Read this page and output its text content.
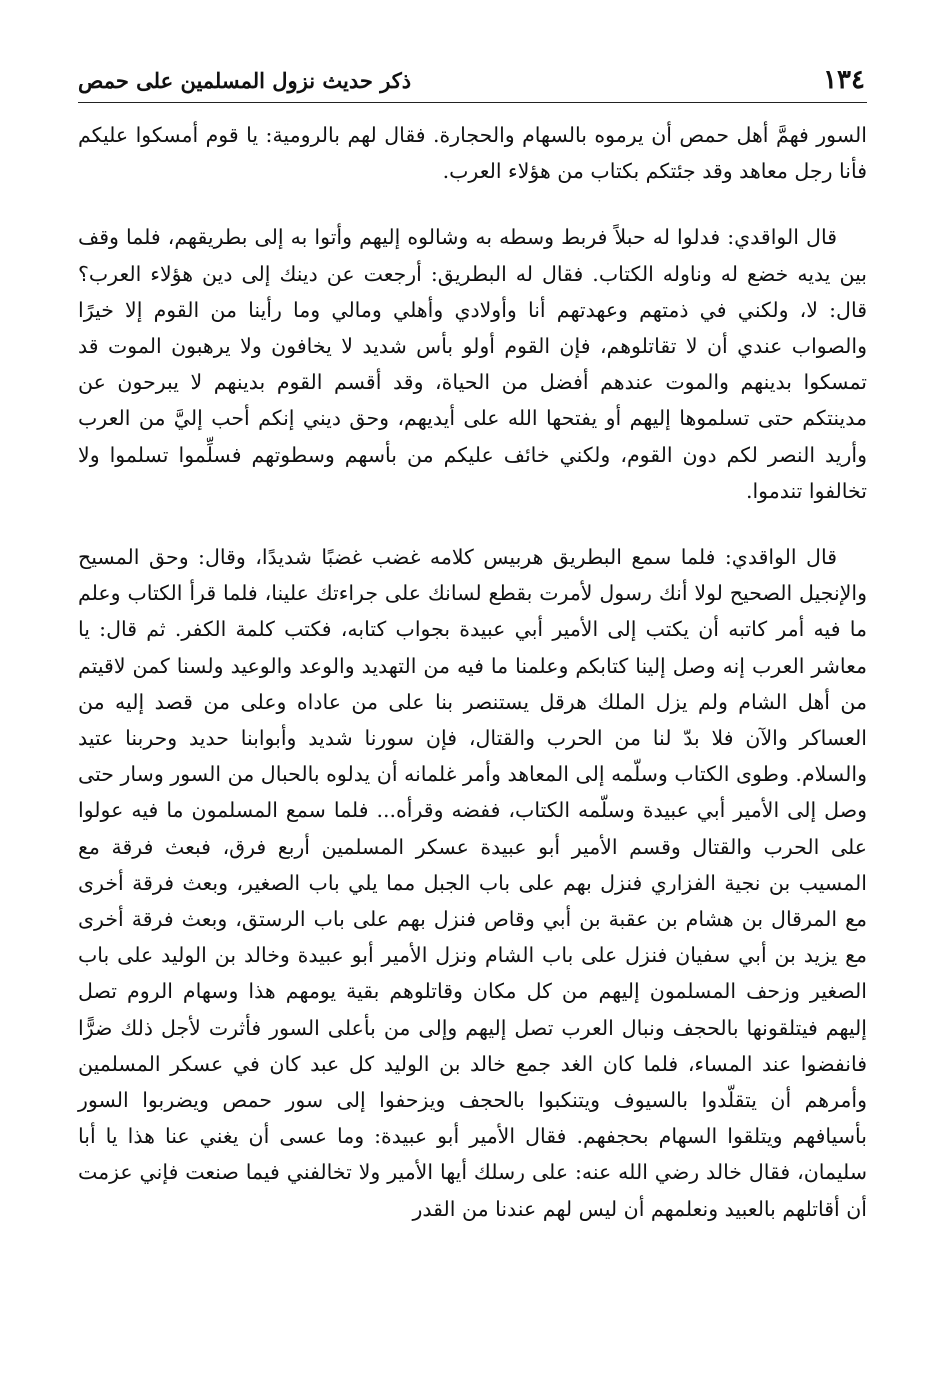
١٣٤
ذكر حديث نزول المسلمين على حمص

السور فهمَّ أهل حمص أن يرموه بالسهام والحجارة. فقال لهم بالرومية: يا قوم أمسكوا عليكم فأنا رجل معاهد وقد جئتكم بكتاب من هؤلاء العرب.

قال الواقدي: فدلوا له حبلاً فربط وسطه به وشالوه إليهم وأتوا به إلى بطريقهم، فلما وقف بين يديه خضع له وناوله الكتاب. فقال له البطريق: أرجعت عن دينك إلى دين هؤلاء العرب؟ قال: لا، ولكني في ذمتهم وعهدتهم أنا وأولادي وأهلي ومالي وما رأينا من القوم إلا خيرًا والصواب عندي أن لا تقاتلوهم، فإن القوم أولو بأس شديد لا يخافون ولا يرهبون الموت قد تمسكوا بدينهم والموت عندهم أفضل من الحياة، وقد أقسم القوم بدينهم لا يبرحون عن مدينتكم حتى تسلموها إليهم أو يفتحها الله على أيديهم، وحق ديني إنكم أحب إليَّ من العرب وأريد النصر لكم دون القوم، ولكني خائف عليكم من بأسهم وسطوتهم فسلِّموا تسلموا ولا تخالفوا تندموا.

قال الواقدي: فلما سمع البطريق هربيس كلامه غضب غضبًا شديدًا، وقال: وحق المسيح والإنجيل الصحيح لولا أنك رسول لأمرت بقطع لسانك على جراءتك علينا، فلما قرأ الكتاب وعلم ما فيه أمر كاتبه أن يكتب إلى الأمير أبي عبيدة بجواب كتابه، فكتب كلمة الكفر. ثم قال: يا معاشر العرب إنه وصل إلينا كتابكم وعلمنا ما فيه من التهديد والوعد والوعيد ولسنا كمن لاقيتم من أهل الشام ولم يزل الملك هرقل يستنصر بنا على من عاداه وعلى من قصد إليه من العساكر والآن فلا بدّ لنا من الحرب والقتال، فإن سورنا شديد وأبوابنا حديد وحربنا عتيد والسلام. وطوى الكتاب وسلّمه إلى المعاهد وأمر غلمانه أن يدلوه بالحبال من السور وسار حتى وصل إلى الأمير أبي عبيدة وسلّمه الكتاب، ففضه وقرأه... فلما سمع المسلمون ما فيه عولوا على الحرب والقتال وقسم الأمير أبو عبيدة عسكر المسلمين أربع فرق، فبعث فرقة مع المسيب بن نجية الفزاري فنزل بهم على باب الجبل مما يلي باب الصغير، وبعث فرقة أخرى مع المرقال بن هشام بن عقبة بن أبي وقاص فنزل بهم على باب الرستق، وبعث فرقة أخرى مع يزيد بن أبي سفيان فنزل على باب الشام ونزل الأمير أبو عبيدة وخالد بن الوليد على باب الصغير وزحف المسلمون إليهم من كل مكان وقاتلوهم بقية يومهم هذا وسهام الروم تصل إليهم فيتلقونها بالحجف ونبال العرب تصل إليهم وإلى من بأعلى السور فأثرت لأجل ذلك ضرًّا فانفضوا عند المساء، فلما كان الغد جمع خالد بن الوليد كل عبد كان في عسكر المسلمين وأمرهم أن يتقلّدوا بالسيوف ويتنكبوا بالحجف ويزحفوا إلى سور حمص ويضربوا السور بأسيافهم ويتلقوا السهام بحجفهم. فقال الأمير أبو عبيدة: وما عسى أن يغني عنا هذا يا أبا سليمان، فقال خالد رضي الله عنه: على رسلك أيها الأمير ولا تخالفني فيما صنعت فإني عزمت أن أقاتلهم بالعبيد ونعلمهم أن ليس لهم عندنا من القدر
